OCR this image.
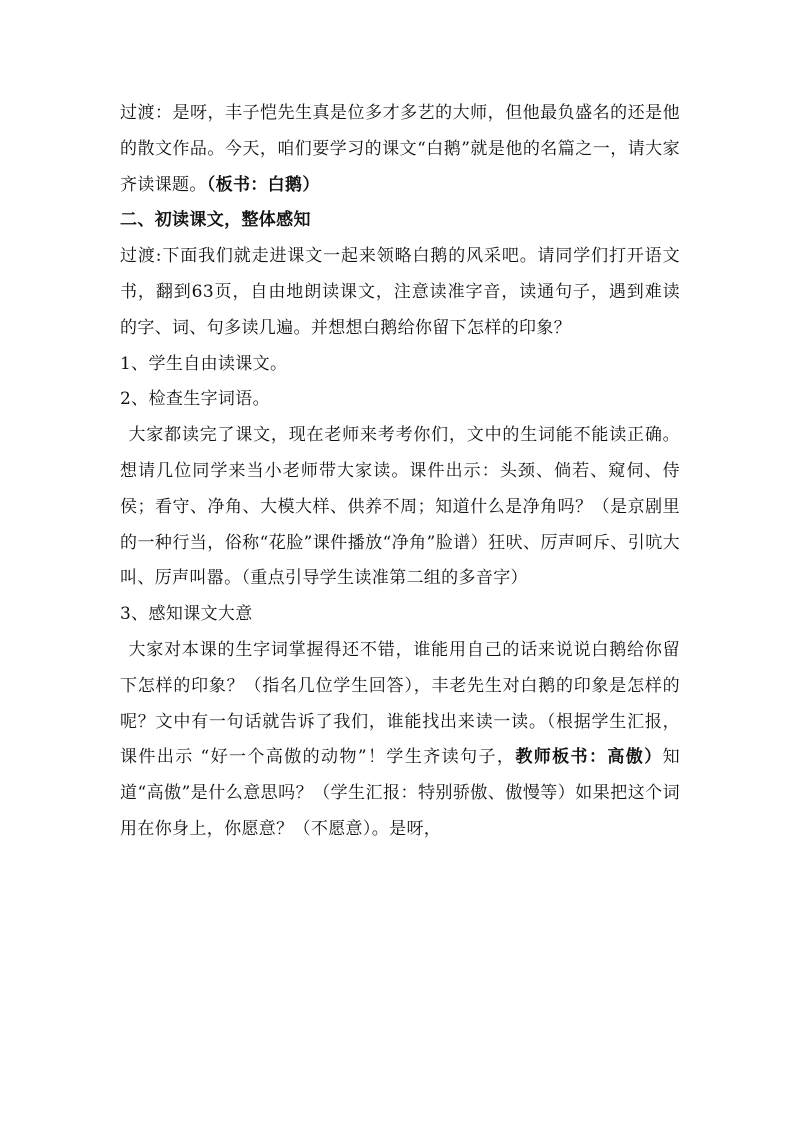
过渡：是呀，丰子恺先生真是位多才多艺的大师，但他最负盛名的还是他的散文作品。今天，咱们要学习的课文“白鹅”就是他的名篇之一，请大家齐读课题。（板书：白鹅）

二、初读课文，整体感知

过渡:下面我们就走进课文一起来领略白鹅的风采吧。请同学们打开语文书，翻到63页，自由地朗读课文，注意读准字音，读通句子，遇到难读的字、词、句多读几遍。并想想白鹅给你留下怎样的印象？

1、学生自由读课文。

2、检查生字词语。

大家都读完了课文，现在老师来考考你们，文中的生词能不能读正确。想请几位同学来当小老师带大家读。课件出示：头颈、倘若、窥伺、侍侯；看守、净角、大模大样、供养不周；知道什么是净角吗？（是京剧里的一种行当，俗称“花脸”课件播放“净角”脸谱）狂吠、厉声呵斥、引吭大叫、厉声叫嚣。（重点引导学生读准第二组的多音字）

3、感知课文大意

大家对本课的生字词掌握得还不错，谁能用自己的话来说说白鹅给你留下怎样的印象？（指名几位学生回答），丰老先生对白鹅的印象是怎样的呢？文中有一句话就告诉了我们，谁能找出来读一读。（根据学生汇报，课件出示 “好一个高傲的动物”！学生齐读句子，教师板书：高傲）知道“高傲”是什么意思吗？（学生汇报：特别骄傲、傲慢等）如果把这个词用在你身上，你愿意？（不愿意）。是呀，
